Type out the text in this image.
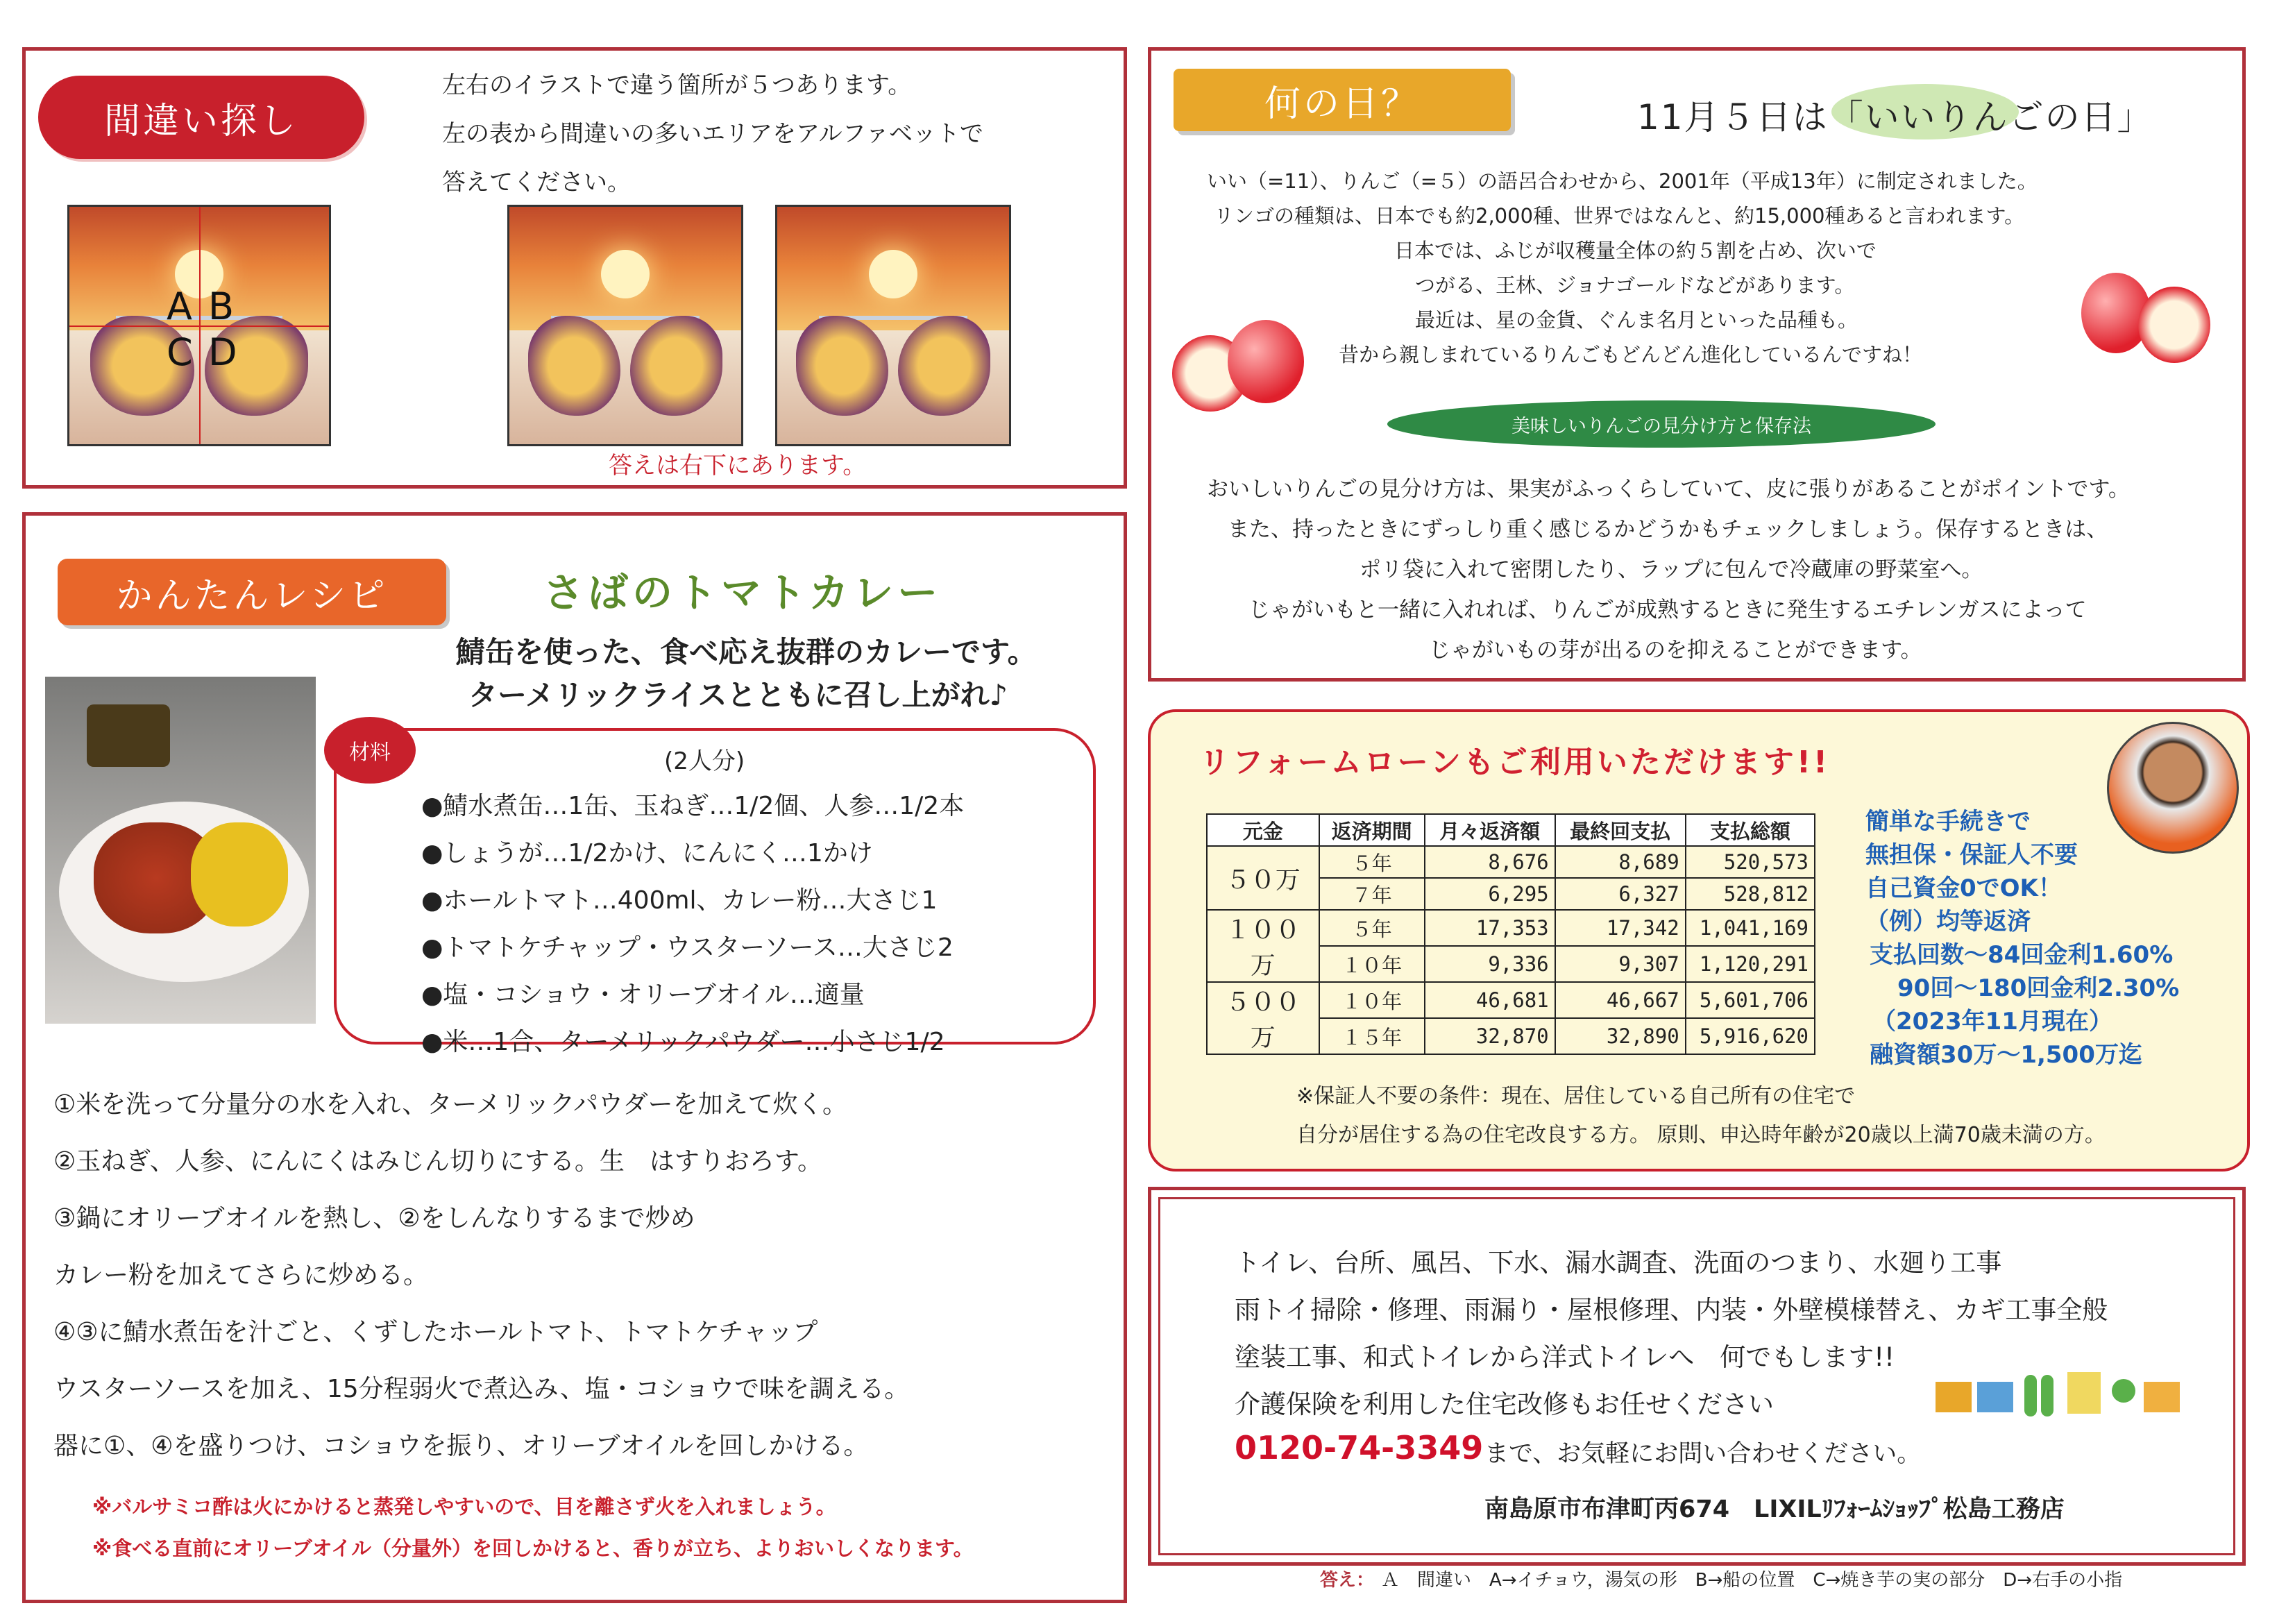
間違い探し
左右のイラストで違う箇所が５つあります。
左の表から間違いの多いエリアをアルファベットで
答えてください。
A B
C D
答えは右下にあります。
かんたんレシピ	さばのトマトカレー
鯖缶を使った、食べ応え抜群のカレーです。
ターメリックライスとともに召し上がれ♪
材料	(2人分)
●鯖水煮缶…1缶、玉ねぎ…1/2個、人参…1/2本
●しょうが…1/2かけ、にんにく…1かけ
●ホールトマト…400ml、カレー粉…大さじ1
●トマトケチャップ・ウスターソース…大さじ2
●塩・コショウ・オリーブオイル…適量
●米…1合、ターメリックパウダー…小さじ1/2
①米を洗って分量分の水を入れ、ターメリックパウダーを加えて炊く。
②玉ねぎ、人参、にんにくはみじん切りにする。生　はすりおろす。
③鍋にオリーブオイルを熱し、②をしんなりするまで炒め
カレー粉を加えてさらに炒める。
④③に鯖水煮缶を汁ごと、くずしたホールトマト、トマトケチャップ
ウスターソースを加え、15分程弱火で煮込み、塩・コショウで味を調える。
器に①、④を盛りつけ、コショウを振り、オリーブオイルを回しかける。
※バルサミコ酢は火にかけると蒸発しやすいので、目を離さず火を入れましょう。
※食べる直前にオリーブオイル（分量外）を回しかけると、香りが立ち、よりおいしくなります。
何の日？	11月５日は「いいりんごの日」
いい（=11）、りんご（=５）の語呂合わせから、2001年（平成13年）に制定されました。
リンゴの種類は、日本でも約2,000種、世界ではなんと、約15,000種あると言われます。
日本では、ふじが収穫量全体の約５割を占め、次いで
つがる、王林、ジョナゴールドなどがあります。
最近は、星の金貨、ぐんま名月といった品種も。
昔から親しまれているりんごもどんどん進化しているんですね！
美味しいりんごの見分け方と保存法
おいしいりんごの見分け方は、果実がふっくらしていて、皮に張りがあることがポイントです。
また、持ったときにずっしり重く感じるかどうかもチェックしましょう。保存するときは、
ポリ袋に入れて密閉したり、ラップに包んで冷蔵庫の野菜室へ。
じゃがいもと一緒に入れれば、りんごが成熟するときに発生するエチレンガスによって
じゃがいもの芽が出るのを抑えることができます。
リフォームローンもご利用いただけます!!
元金	返済期間	月々返済額	最終回支払	支払総額
５０万	５年	8,676	8,689	520,573
	７年	6,295	6,327	528,812
１００万	５年	17,353	17,342	1,041,169
	１０年	9,336	9,307	1,120,291
５００万	１０年	46,681	46,667	5,601,706
	１５年	32,870	32,890	5,916,620
簡単な手続きで
無担保・保証人不要
自己資金0でOK！
（例）均等返済
支払回数～84回金利1.60%
90回～180回金利2.30%
（2023年11月現在）
融資額30万～1,500万迄
※保証人不要の条件：現在、居住している自己所有の住宅で
自分が居住する為の住宅改良する方。 原則、申込時年齢が20歳以上満70歳未満の方。
トイレ、台所、風呂、下水、漏水調査、洗面のつまり、水廻り工事
雨トイ掃除・修理、雨漏り・屋根修理、内装・外壁模様替え、カギ工事全般
塗装工事、和式トイレから洋式トイレへ　何でもします!!
介護保険を利用した住宅改修もお任せください
0120-74-3349 まで、お気軽にお問い合わせください。
南島原市布津町丙674　LIXILﾘﾌｫｰﾑｼｮｯﾌﾟ松島工務店
答え： Ａ　間違い　A→イチョウ，湯気の形　B→船の位置　C→焼き芋の実の部分　D→右手の小指
